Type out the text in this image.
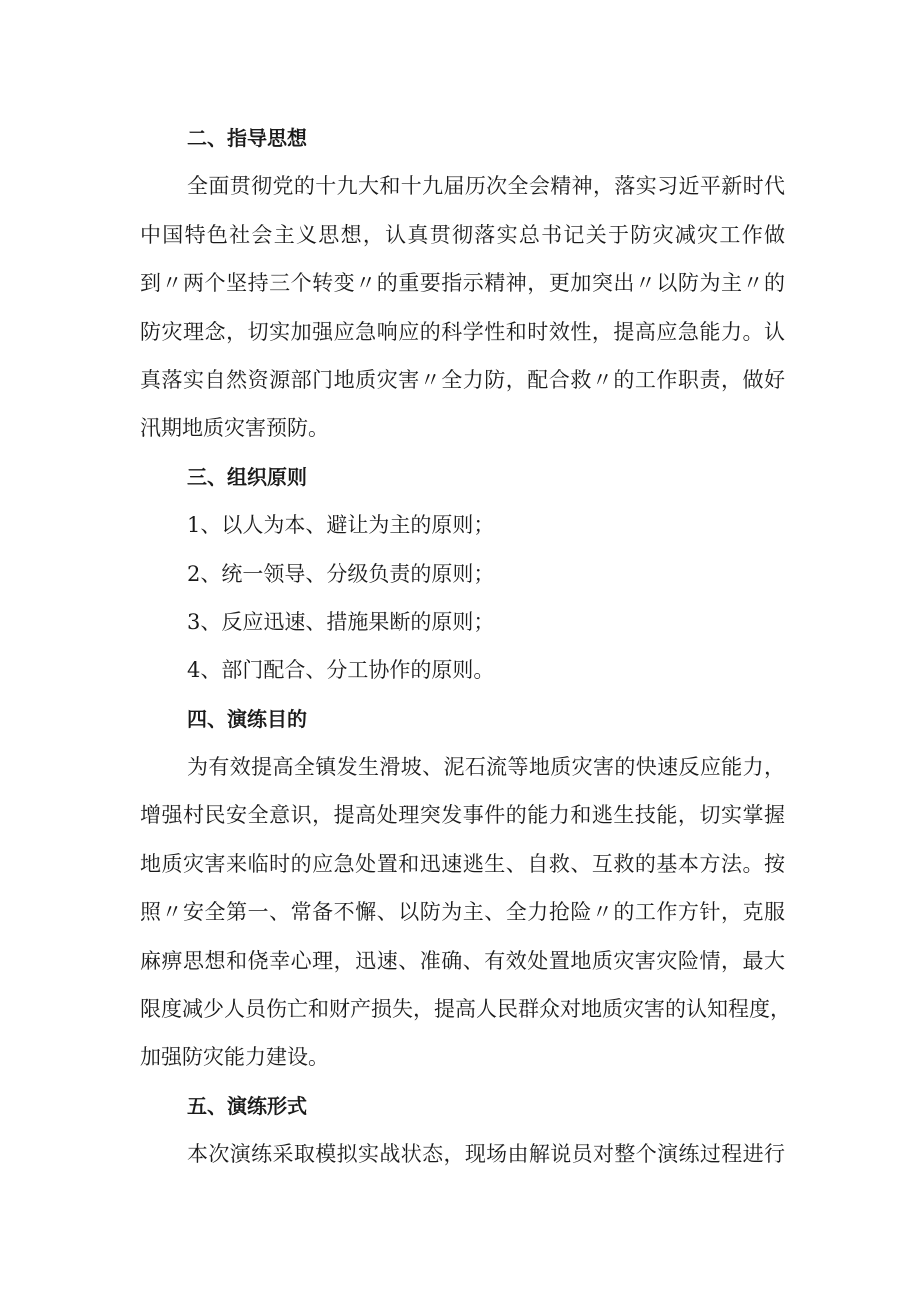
二、指导思想
全面贯彻党的十九大和十九届历次全会精神，落实习近平新时代
中国特色社会主义思想，认真贯彻落实总书记关于防灾减灾工作做
到〃两个坚持三个转变〃的重要指示精神，更加突出〃以防为主〃的
防灾理念，切实加强应急响应的科学性和时效性，提高应急能力。认
真落实自然资源部门地质灾害〃全力防，配合救〃的工作职责，做好
汛期地质灾害预防。
三、组织原则
1、以人为本、避让为主的原则；
2、统一领导、分级负责的原则；
3、反应迅速、措施果断的原则；
4、部门配合、分工协作的原则。
四、演练目的
为有效提高全镇发生滑坡、泥石流等地质灾害的快速反应能力，
增强村民安全意识，提高处理突发事件的能力和逃生技能，切实掌握
地质灾害来临时的应急处置和迅速逃生、自救、互救的基本方法。按
照〃安全第一、常备不懈、以防为主、全力抢险〃的工作方针，克服
麻痹思想和侥幸心理，迅速、准确、有效处置地质灾害灾险情，最大
限度减少人员伤亡和财产损失，提高人民群众对地质灾害的认知程度，
加强防灾能力建设。
五、演练形式
本次演练采取模拟实战状态，现场由解说员对整个演练过程进行
